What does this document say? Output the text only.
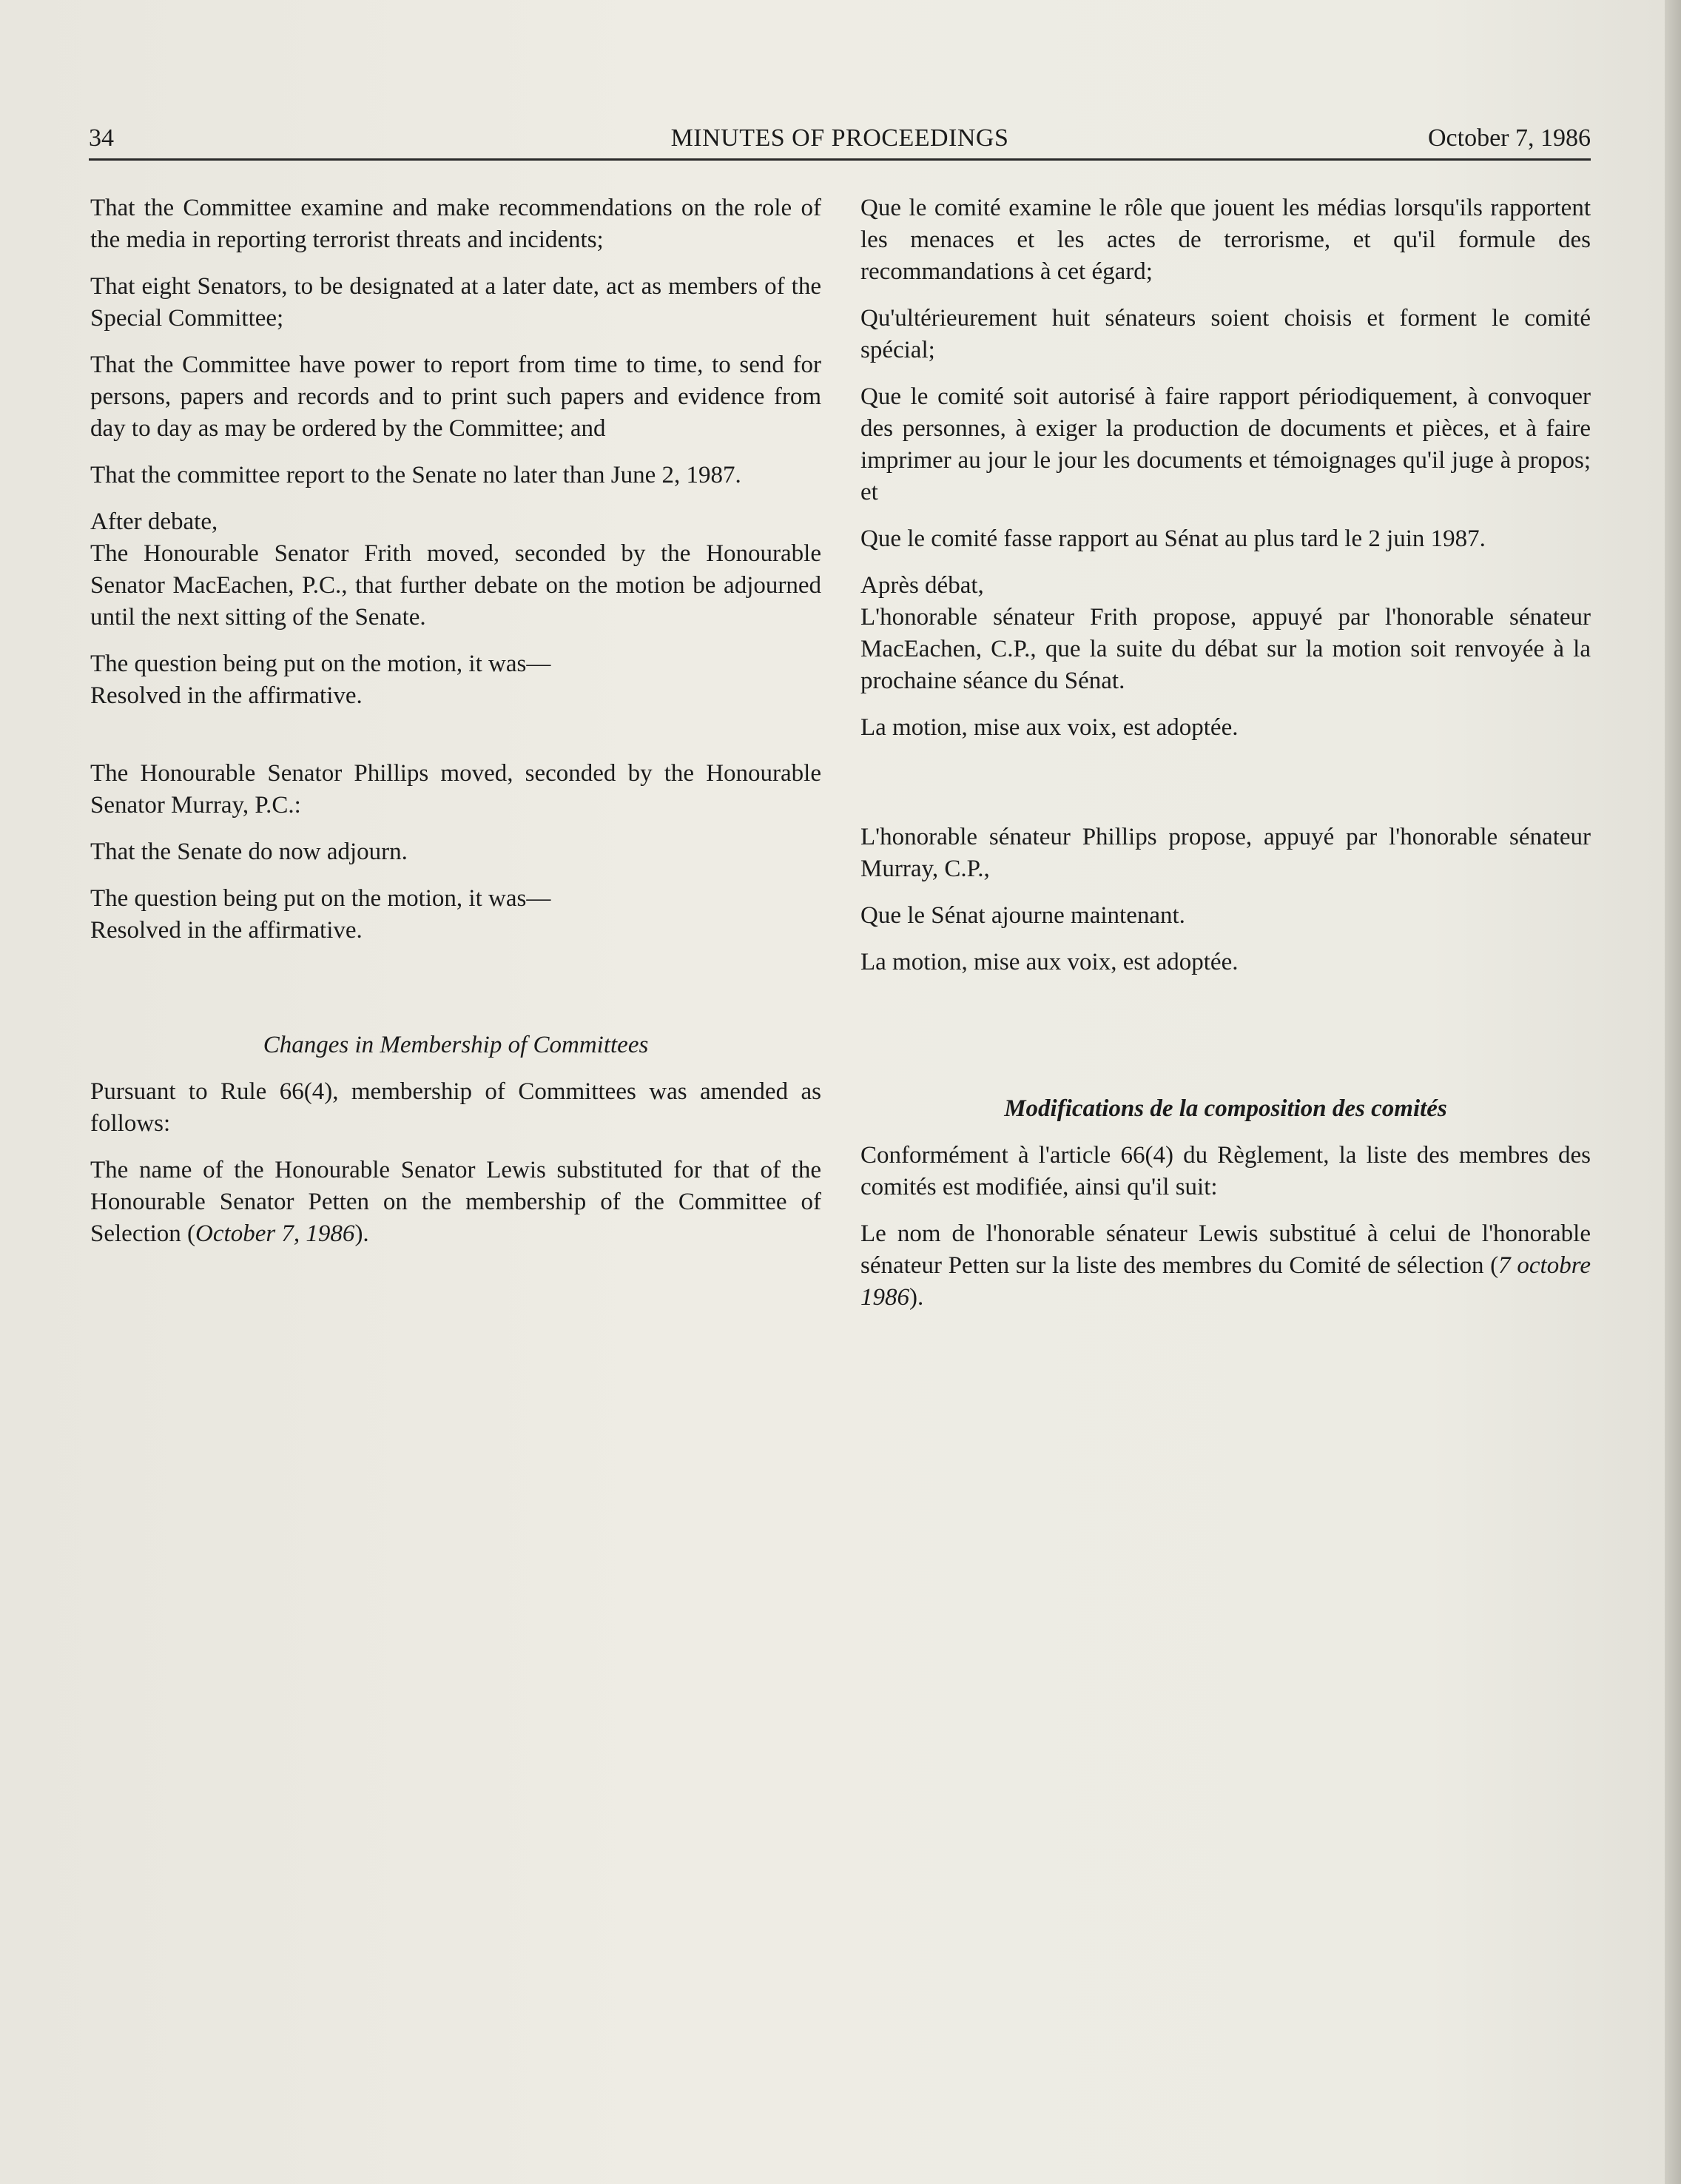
34	MINUTES OF PROCEEDINGS	October 7, 1986

That the Committee examine and make recommendations on the role of the media in reporting terrorist threats and incidents;

That eight Senators, to be designated at a later date, act as members of the Special Committee;

That the Committee have power to report from time to time, to send for persons, papers and records and to print such papers and evidence from day to day as may be ordered by the Committee; and

That the committee report to the Senate no later than June 2, 1987.

After debate,

The Honourable Senator Frith moved, seconded by the Honourable Senator MacEachen, P.C., that further debate on the motion be adjourned until the next sitting of the Senate.

The question being put on the motion, it was—

Resolved in the affirmative.

The Honourable Senator Phillips moved, seconded by the Honourable Senator Murray, P.C.:

That the Senate do now adjourn.

The question being put on the motion, it was—

Resolved in the affirmative.

Changes in Membership of Committees

Pursuant to Rule 66(4), membership of Committees was amended as follows:

The name of the Honourable Senator Lewis substituted for that of the Honourable Senator Petten on the membership of the Committee of Selection (October 7, 1986).

Que le comité examine le rôle que jouent les médias lorsqu'ils rapportent les menaces et les actes de terrorisme, et qu'il formule des recommandations à cet égard;

Qu'ultérieurement huit sénateurs soient choisis et forment le comité spécial;

Que le comité soit autorisé à faire rapport périodiquement, à convoquer des personnes, à exiger la production de documents et pièces, et à faire imprimer au jour le jour les documents et témoignages qu'il juge à propos; et

Que le comité fasse rapport au Sénat au plus tard le 2 juin 1987.

Après débat,

L'honorable sénateur Frith propose, appuyé par l'honorable sénateur MacEachen, C.P., que la suite du débat sur la motion soit renvoyée à la prochaine séance du Sénat.

La motion, mise aux voix, est adoptée.

L'honorable sénateur Phillips propose, appuyé par l'honorable sénateur Murray, C.P.,

Que le Sénat ajourne maintenant.

La motion, mise aux voix, est adoptée.

Modifications de la composition des comités

Conformément à l'article 66(4) du Règlement, la liste des membres des comités est modifiée, ainsi qu'il suit:

Le nom de l'honorable sénateur Lewis substitué à celui de l'honorable sénateur Petten sur la liste des membres du Comité de sélection (7 octobre 1986).
